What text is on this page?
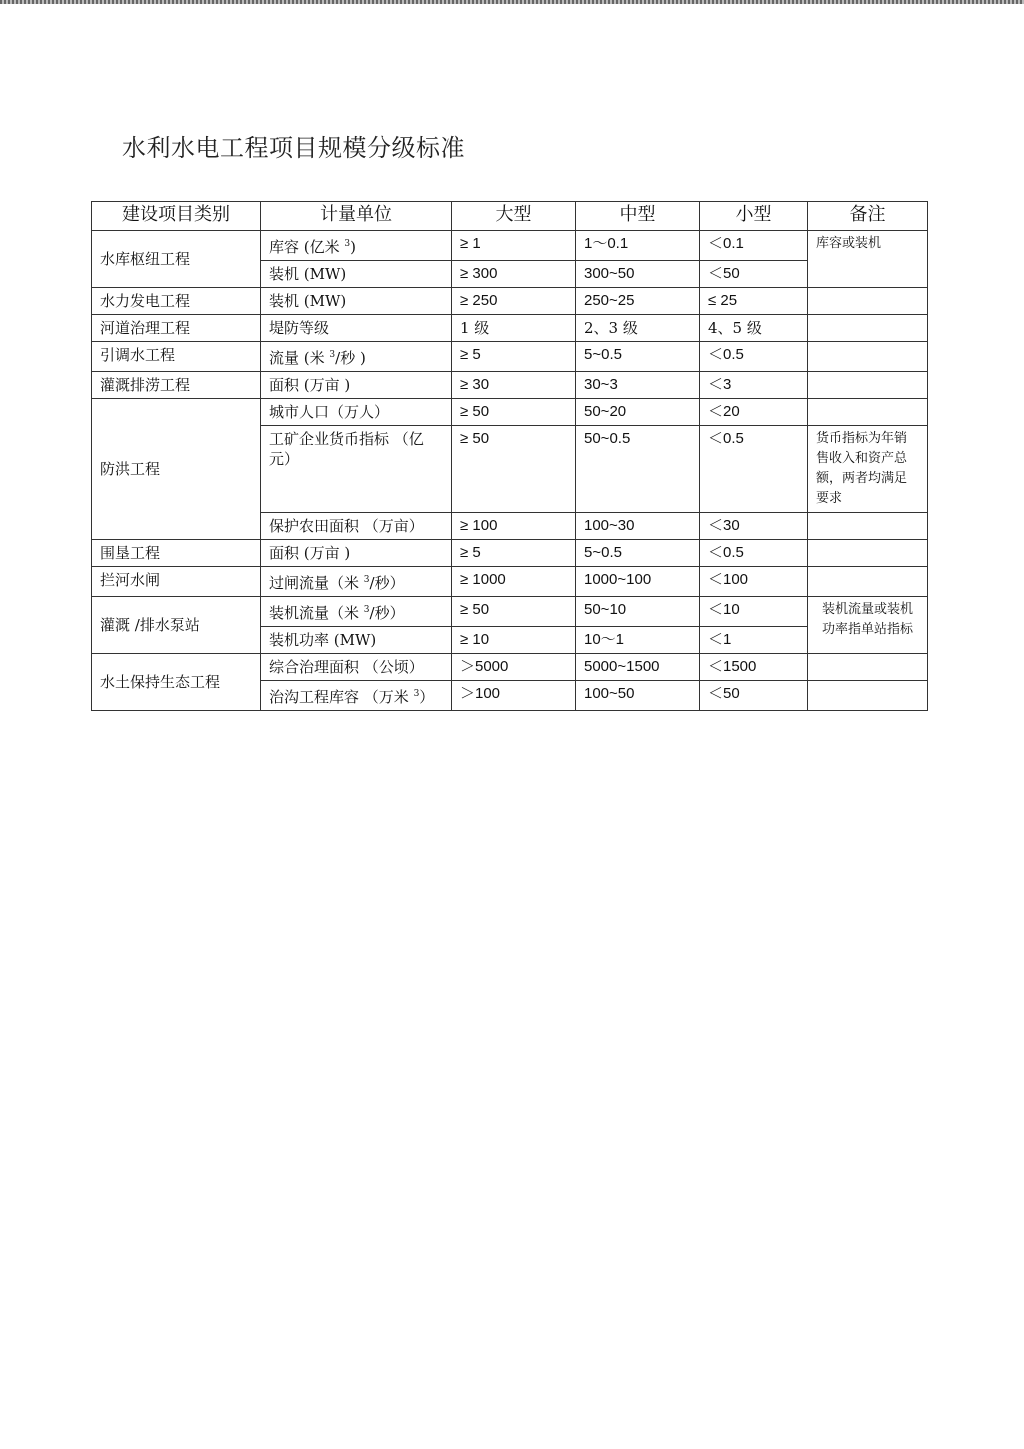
水利水电工程项目规模分级标准
建设项目类别	计量单位	大型	中型	小型	备注
水库枢纽工程	库容 (亿米 $^3$)	≥ 1	1～0.1	＜0.1	库容或装机
	装机 (MW)	≥ 300	300~50	＜50	
水力发电工程	装机 (MW)	≥ 250	250~25	≤ 25	
河道治理工程	堤防等级	1 级	2、3 级	4、5 级	
引调水工程	流量 (米 $^3$/秒 )	≥ 5	5~0.5	＜0.5	
灌溉排涝工程	面积 (万亩 )	≥ 30	30~3	＜3	
防洪工程	城市人口（万人）	≥ 50	50~20	＜20	
	工矿企业货币指标 （亿元）	≥ 50	50~0.5	＜0.5	货币指标为年销售收入和资产总额，两者均满足要求
	保护农田面积 （万亩）	≥ 100	100~30	＜30	
围垦工程	面积 (万亩 )	≥ 5	5~0.5	＜0.5	
拦河水闸	过闸流量（米 $^3$/秒）	≥ 1000	1000~100	＜100	
灌溉 /排水泵站	装机流量（米 $^3$/秒）	≥ 50	50~10	＜10	装机流量或装机功率指单站指标
	装机功率 (MW)	≥ 10	10～1	＜1	
水土保持生态工程	综合治理面积 （公顷）	＞5000	5000~1500	＜1500	
	治沟工程库容 （万米 $^3$）	＞100	100~50	＜50	
